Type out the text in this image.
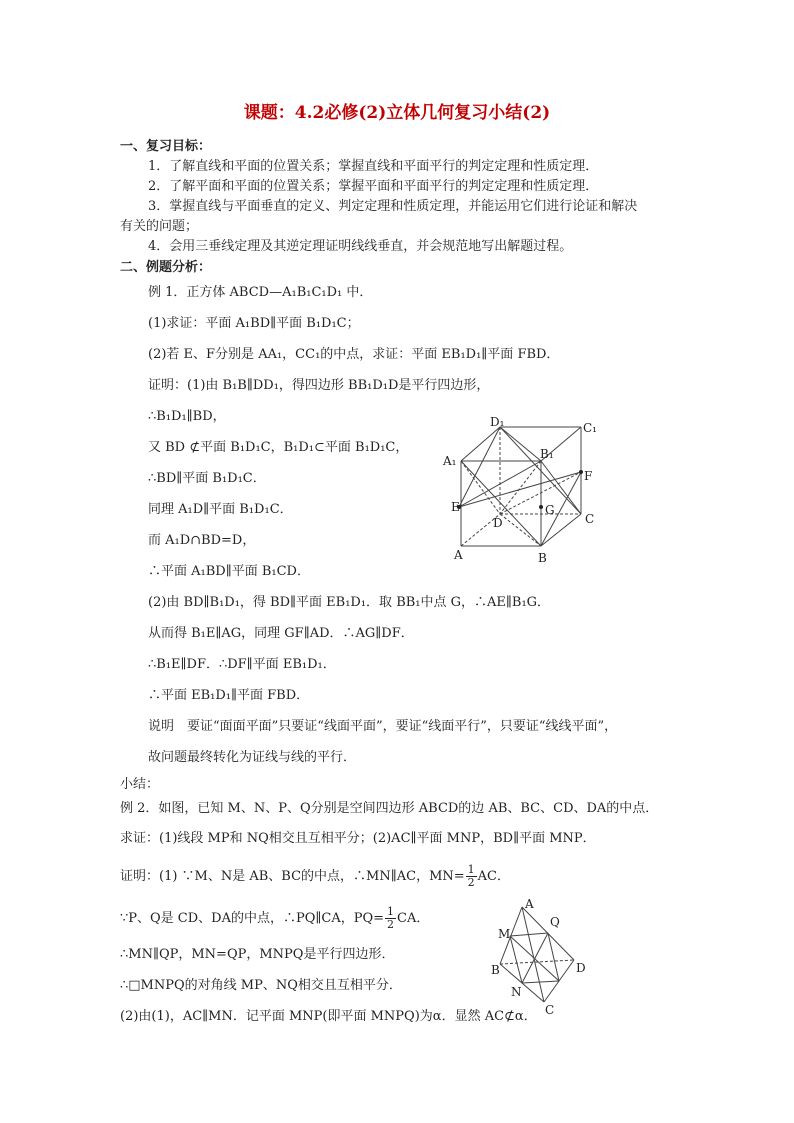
课题：4.2必修(2)立体几何复习小结(2)
一、复习目标：
1．了解直线和平面的位置关系；掌握直线和平面平行的判定定理和性质定理．
2．了解平面和平面的位置关系；掌握平面和平面平行的判定定理和性质定理．
3．掌握直线与平面垂直的定义、判定定理和性质定理，并能运用它们进行论证和解决
有关的问题；
4．会用三垂线定理及其逆定理证明线线垂直，并会规范地写出解题过程。
二、例题分析：
例 1．正方体 ABCD—A₁B₁C₁D₁ 中．
(1)求证：平面 A₁BD∥平面 B₁D₁C；
(2)若 E、F分别是 AA₁，CC₁的中点，求证：平面 EB₁D₁∥平面 FBD．
证明：(1)由 B₁B∥DD₁，得四边形 BB₁D₁D是平行四边形，
∴B₁D₁∥BD，
又 BD ⊄平面 B₁D₁C，B₁D₁⊂平面 B₁D₁C，
∴BD∥平面 B₁D₁C．
同理 A₁D∥平面 B₁D₁C．
而 A₁D∩BD=D，
∴平面 A₁BD∥平面 B₁CD．
(2)由 BD∥B₁D₁，得 BD∥平面 EB₁D₁．取 BB₁中点 G，∴AE∥B₁G．
从而得 B₁E∥AG，同理 GF∥AD．∴AG∥DF．
∴B₁E∥DF．∴DF∥平面 EB₁D₁．
∴平面 EB₁D₁∥平面 FBD．
说明　要证“面面平面”只要证“线面平面”，要证“线面平行”，只要证“线线平面”，
故问题最终转化为证线与线的平行．
小结：
例 2．如图，已知 M、N、P、Q分别是空间四边形 ABCD的边 AB、BC、CD、DA的中点．
求证：(1)线段 MP和 NQ相交且互相平分；(2)AC∥平面 MNP，BD∥平面 MNP．
证明：(1) ∵M、N是 AB、BC的中点，∴MN∥AC，$MN= \frac{1}{2}$ AC．
∵P、Q是 CD、DA的中点，∴PQ∥CA，$PQ= \frac{1}{2}$ CA．
∴MN∥QP，MN=QP，MNPQ是平行四边形．
∴□MNPQ的对角线 MP、NQ相交且互相平分．
(2)由(1)，AC∥MN．记平面 MNP(即平面 MNPQ)为α．显然 AC⊄α．
D₁	C₁
A₁	B₁
F
E	G
D	C
A	B
A
Q
M
B	D
N
C
